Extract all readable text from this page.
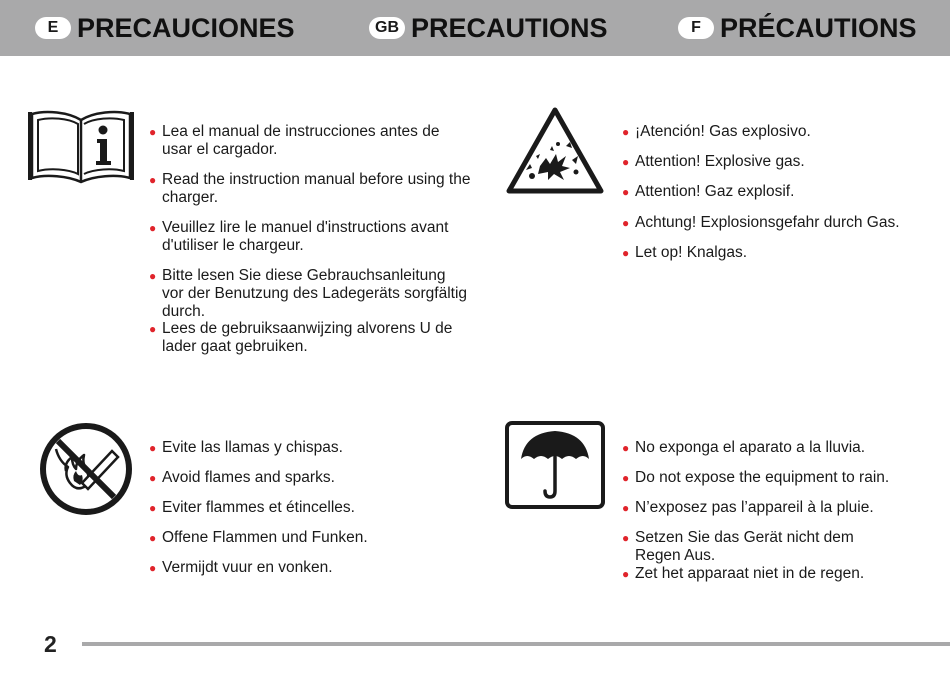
E PRECAUCIONES	GB PRECAUTIONS	F PRÉCAUTIONS
● Lea el manual de instrucciones antes de
usar el cargador.
● Read the instruction manual before using the
charger.
● Veuillez lire le manuel d'instructions avant
d'utiliser le chargeur.
● Bitte lesen Sie diese Gebrauchsanleitung
vor der Benutzung des Ladegeräts sorgfältig
durch.
● Lees de gebruiksaanwijzing alvorens U de
lader gaat gebruiken.
● ¡Atención! Gas explosivo.
● Attention! Explosive gas.
● Attention! Gaz explosif.
● Achtung! Explosionsgefahr durch Gas.
● Let op! Knalgas.
● Evite las llamas y chispas.
● Avoid flames and sparks.
● Eviter flammes et étincelles.
● Offene Flammen und Funken.
● Vermijdt vuur en vonken.
● No exponga el aparato a la lluvia.
● Do not expose the equipment to rain.
● N’exposez pas l’appareil à la pluie.
● Setzen Sie das Gerät nicht dem
Regen Aus.
● Zet het apparaat niet in de regen.
2
